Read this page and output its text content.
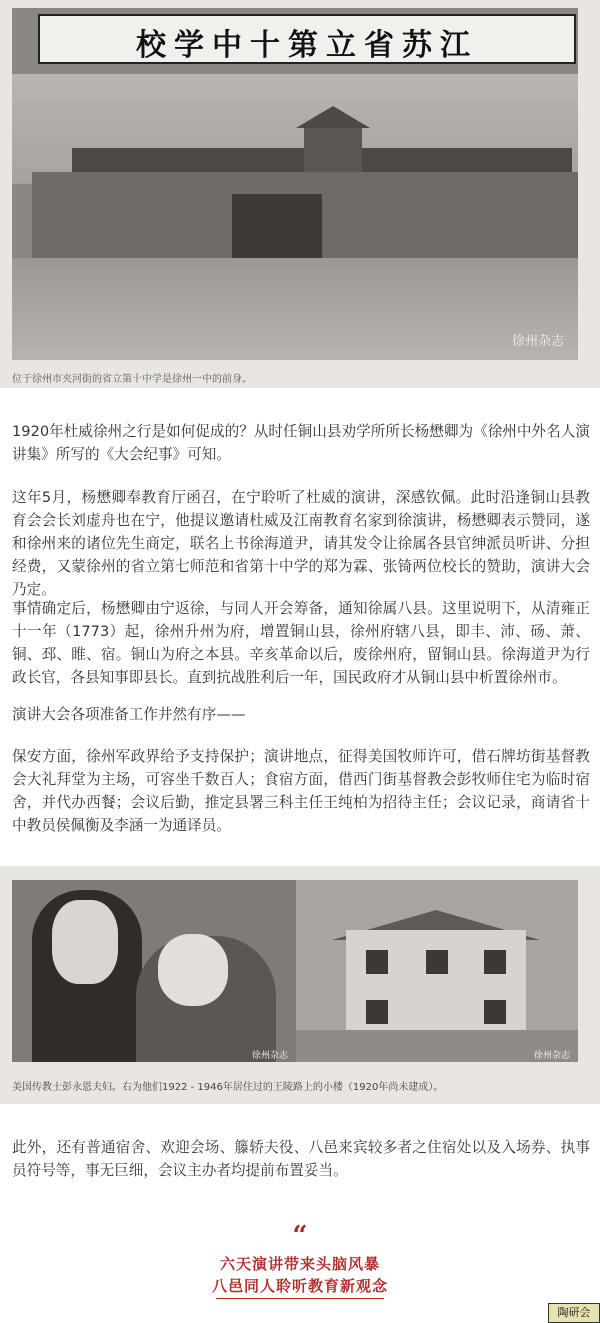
徐州杂志
校学中十第立省苏江
位于徐州市夹河街的省立第十中学是徐州一中的前身。

1920年杜威徐州之行是如何促成的？从时任铜山县劝学所所长杨懋卿为《徐州中外名人演讲集》所写的《大会纪事》可知。

这年5月，杨懋卿奉教育厅函召，在宁聆听了杜威的演讲，深感钦佩。此时沿逢铜山县教育会会长刘虚舟也在宁，他提议邀请杜威及江南教育名家到徐演讲，杨懋卿表示赞同，遂和徐州来的诸位先生商定，联名上书徐海道尹，请其发令让徐属各县官绅派员听讲、分担经费，又蒙徐州的省立第七师范和省第十中学的郑为霖、张锜两位校长的赞助，演讲大会乃定。

事情确定后，杨懋卿由宁返徐，与同人开会筹备，通知徐属八县。这里说明下，从清雍正十一年（1773）起，徐州升州为府，增置铜山县，徐州府辖八县，即丰、沛、砀、萧、铜、邳、睢、宿。铜山为府之本县。辛亥革命以后，废徐州府，留铜山县。徐海道尹为行政长官，各县知事即县长。直到抗战胜利后一年，国民政府才从铜山县中析置徐州市。

演讲大会各项准备工作井然有序——

保安方面，徐州军政界给予支持保护；演讲地点，征得美国牧师许可，借石牌坊街基督教会大礼拜堂为主场，可容坐千数百人；食宿方面，借西门街基督教会彭牧师住宅为临时宿舍，并代办西餐；会议后勤，推定县署三科主任王纯柏为招待主任；会议记录，商请省十中教员侯佩衡及李涵一为通译员。

徐州杂志	徐州杂志
美国传教士彭永恩夫妇。右为他们1922 - 1946年居住过的王陵路上的小楼（1920年尚未建成）。

此外，还有普通宿舍、欢迎会场、籐轿夫役、八邑来宾较多者之住宿处以及入场券、执事员符号等，事无巨细，会议主办者均提前布置妥当。

“
六天演讲带来头脑风暴
八邑同人聆听教育新观念
陶研会
